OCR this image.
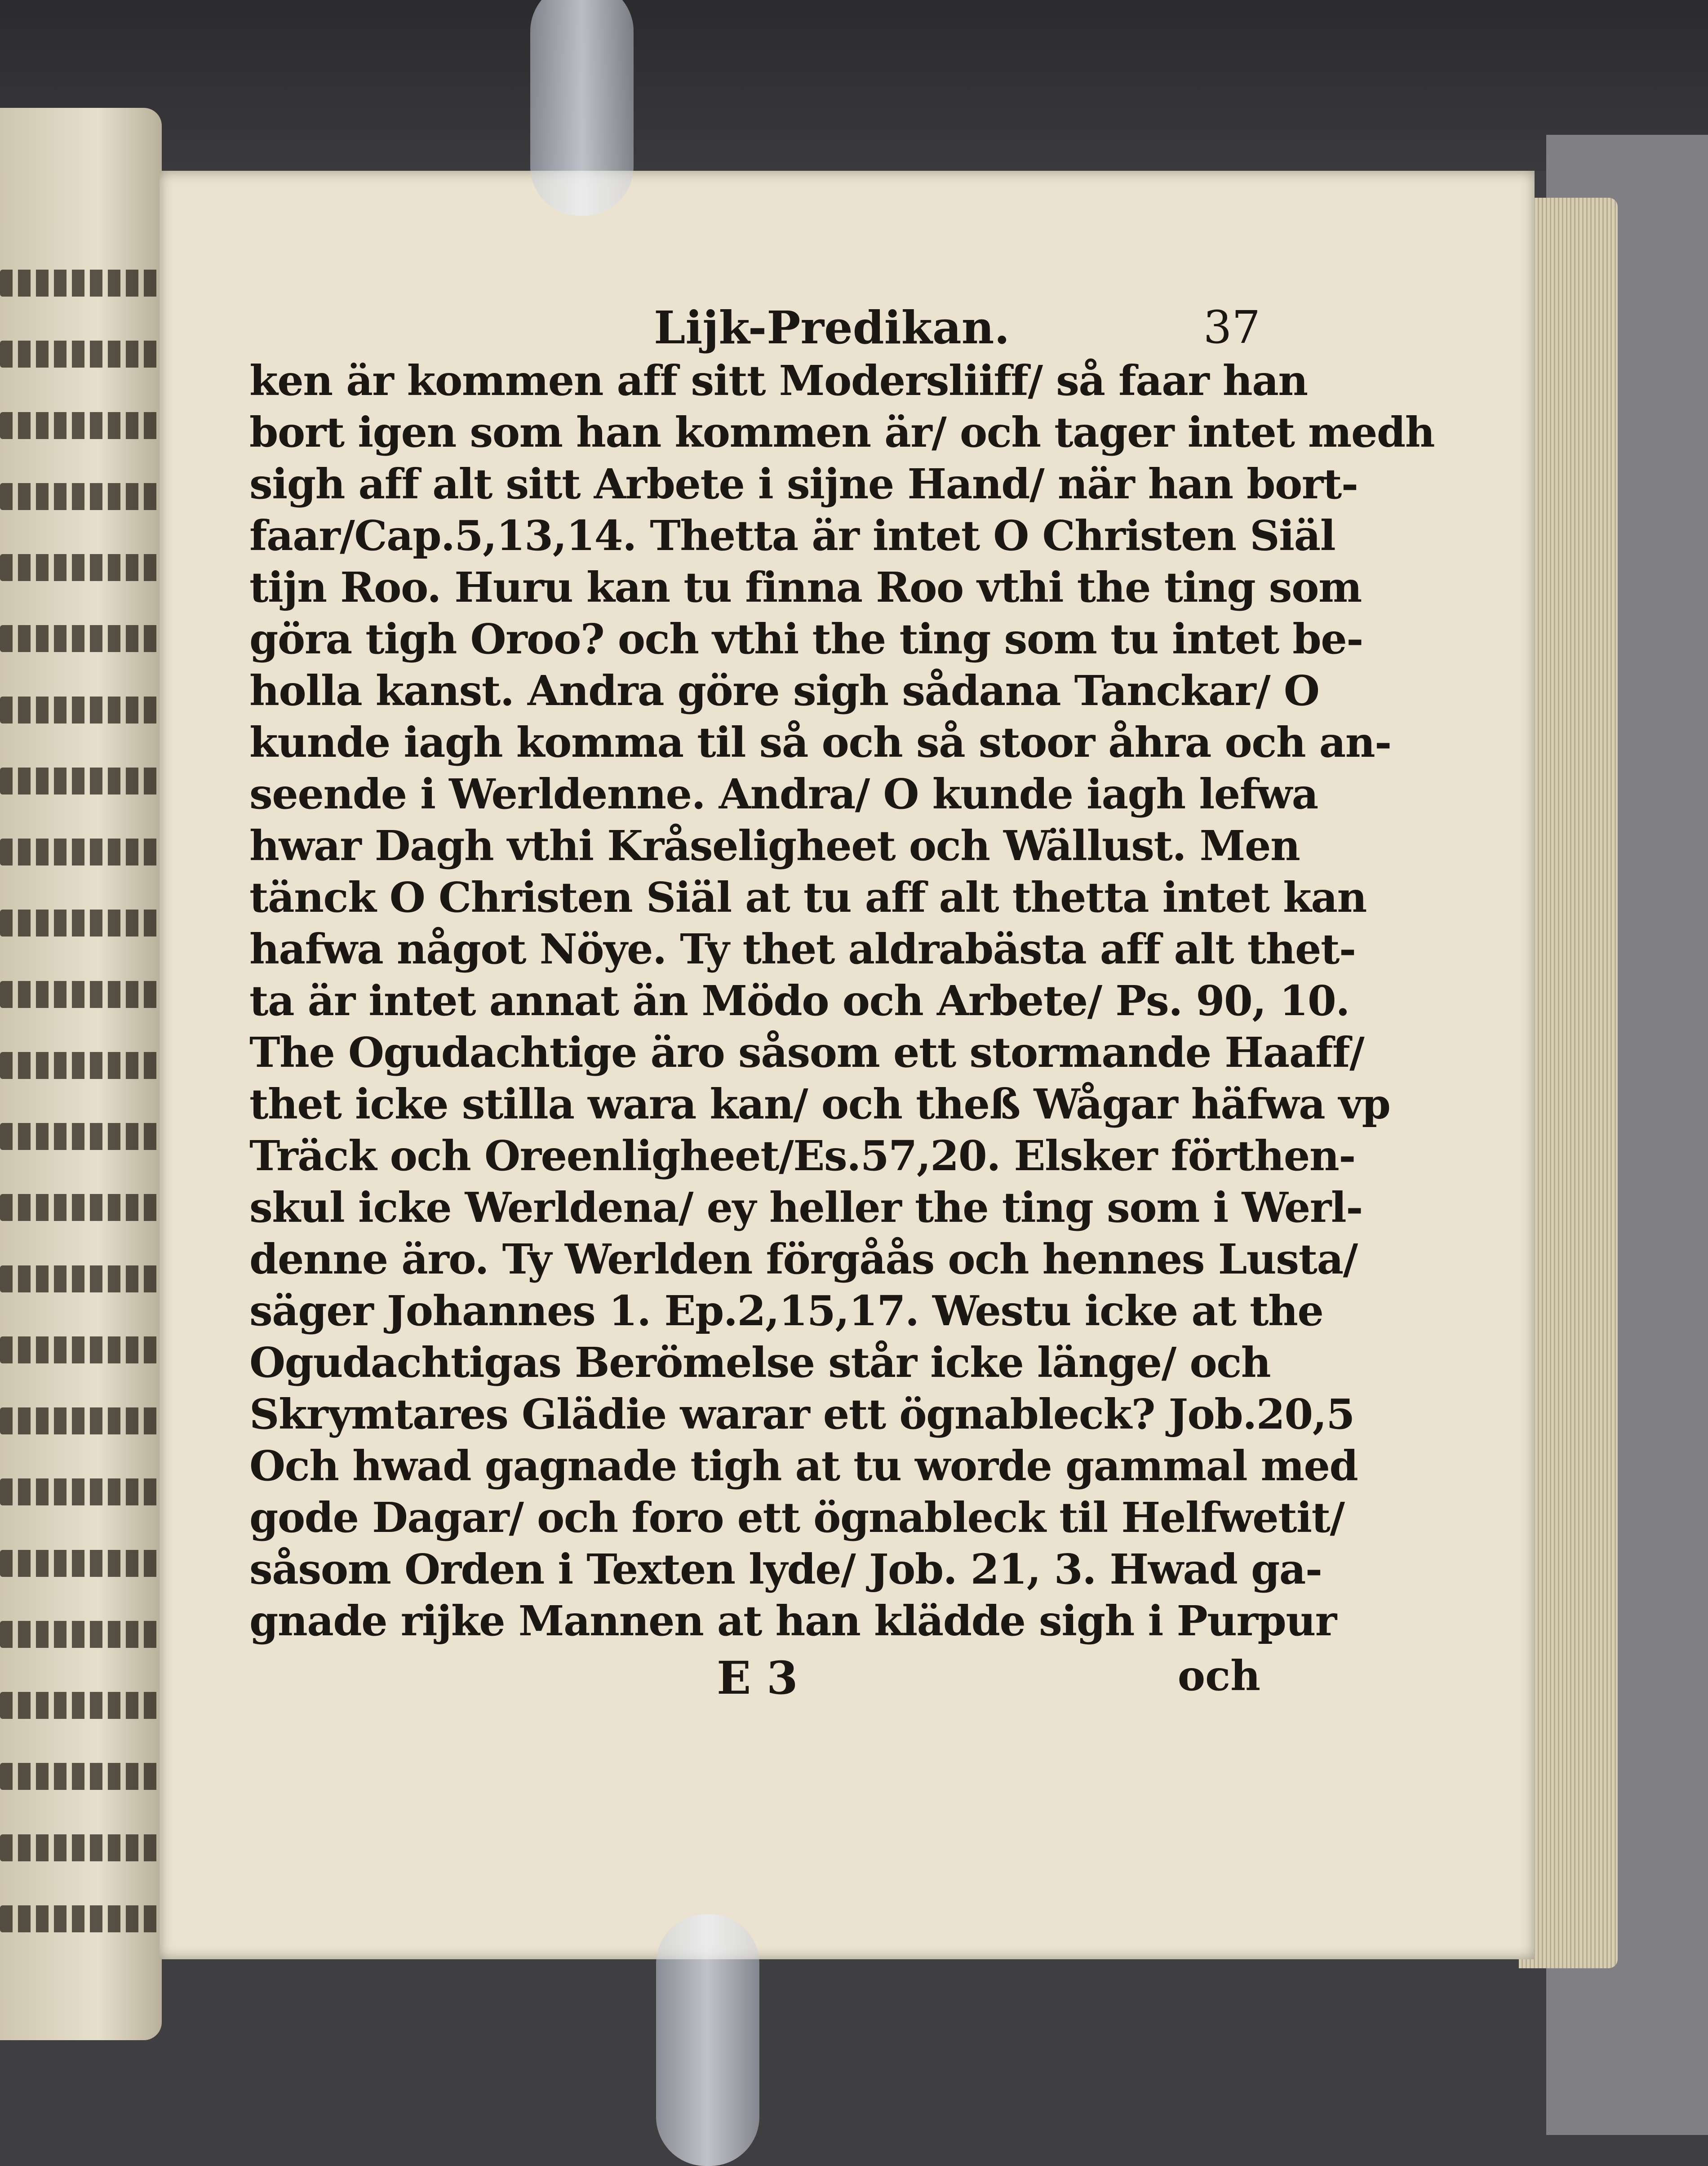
Lijk-Predikan.	37
ken är kommen aff sitt Modersliiff/ så faar han
bort igen som han kommen är/ och tager intet medh
sigh aff alt sitt Arbete i sijne Hand/ när han bort-
faar/Cap.5,13,14. Thetta är intet O Christen Siäl
tijn Roo. Huru kan tu finna Roo vthi the ting som
göra tigh Oroo? och vthi the ting som tu intet be-
holla kanst. Andra göre sigh sådana Tanckar/ O
kunde iagh komma til så och så stoor åhra och an-
seende i Werldenne. Andra/ O kunde iagh lefwa
hwar Dagh vthi Kråseligheet och Wällust. Men
tänck O Christen Siäl at tu aff alt thetta intet kan
hafwa något Nöye. Ty thet aldrabästa aff alt thet-
ta är intet annat än Mödo och Arbete/ Ps. 90, 10.
The Ogudachtige äro såsom ett stormande Haaff/
thet icke stilla wara kan/ och theß Wågar häfwa vp
Träck och Oreenligheet/Es.57,20. Elsker förthen-
skul icke Werldena/ ey heller the ting som i Werl-
denne äro. Ty Werlden förgåås och hennes Lusta/
säger Johannes 1. Ep.2,15,17. Westu icke at the
Ogudachtigas Berömelse står icke länge/ och
Skrymtares Glädie warar ett ögnableck? Job.20,5
Och hwad gagnade tigh at tu worde gammal med
gode Dagar/ och foro ett ögnableck til Helfwetit/
såsom Orden i Texten lyde/ Job. 21, 3. Hwad ga-
gnade rijke Mannen at han klädde sigh i Purpur
E 3	och
